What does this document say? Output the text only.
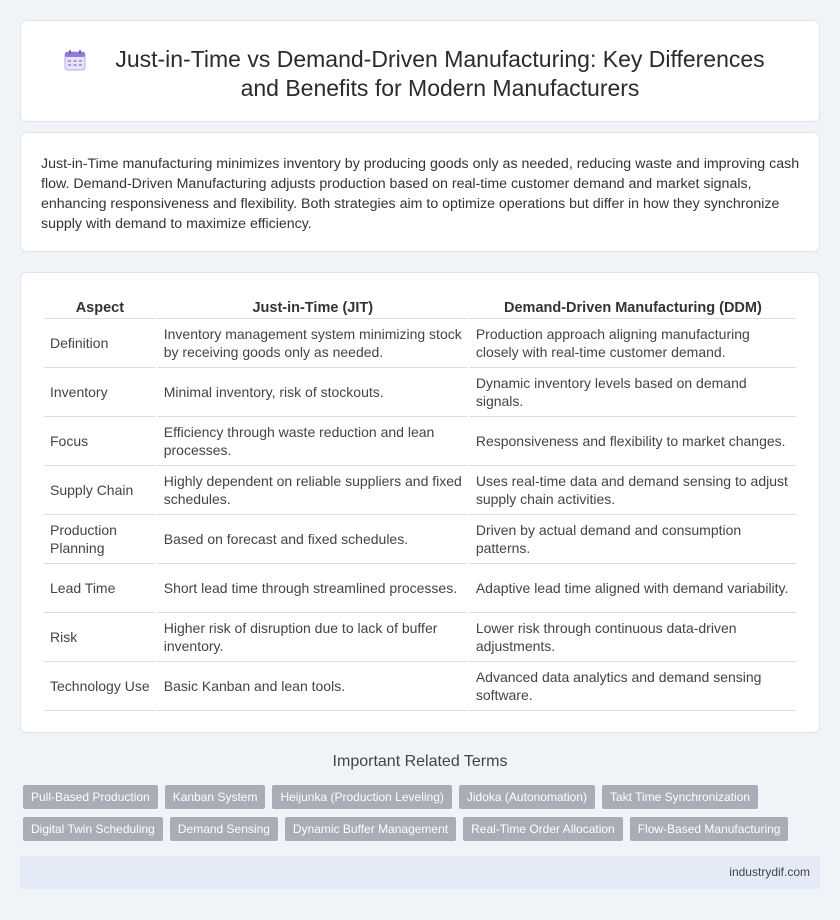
Just-in-Time vs Demand-Driven Manufacturing: Key Differences and Benefits for Modern Manufacturers

Just-in-Time manufacturing minimizes inventory by producing goods only as needed, reducing waste and improving cash flow. Demand-Driven Manufacturing adjusts production based on real-time customer demand and market signals, enhancing responsiveness and flexibility. Both strategies aim to optimize operations but differ in how they synchronize supply with demand to maximize efficiency.

Aspect	Just-in-Time (JIT)	Demand-Driven Manufacturing (DDM)
Definition	Inventory management system minimizing stock by receiving goods only as needed.	Production approach aligning manufacturing closely with real-time customer demand.
Inventory	Minimal inventory, risk of stockouts.	Dynamic inventory levels based on demand signals.
Focus	Efficiency through waste reduction and lean processes.	Responsiveness and flexibility to market changes.
Supply Chain	Highly dependent on reliable suppliers and fixed schedules.	Uses real-time data and demand sensing to adjust supply chain activities.
Production Planning	Based on forecast and fixed schedules.	Driven by actual demand and consumption patterns.
Lead Time	Short lead time through streamlined processes.	Adaptive lead time aligned with demand variability.
Risk	Higher risk of disruption due to lack of buffer inventory.	Lower risk through continuous data-driven adjustments.
Technology Use	Basic Kanban and lean tools.	Advanced data analytics and demand sensing software.
Important Related Terms
Pull-Based Production	Kanban System	Heijunka (Production Leveling)	Jidoka (Autonomation)	Takt Time Synchronization
Digital Twin Scheduling	Demand Sensing	Dynamic Buffer Management	Real-Time Order Allocation	Flow-Based Manufacturing
industrydif.com
